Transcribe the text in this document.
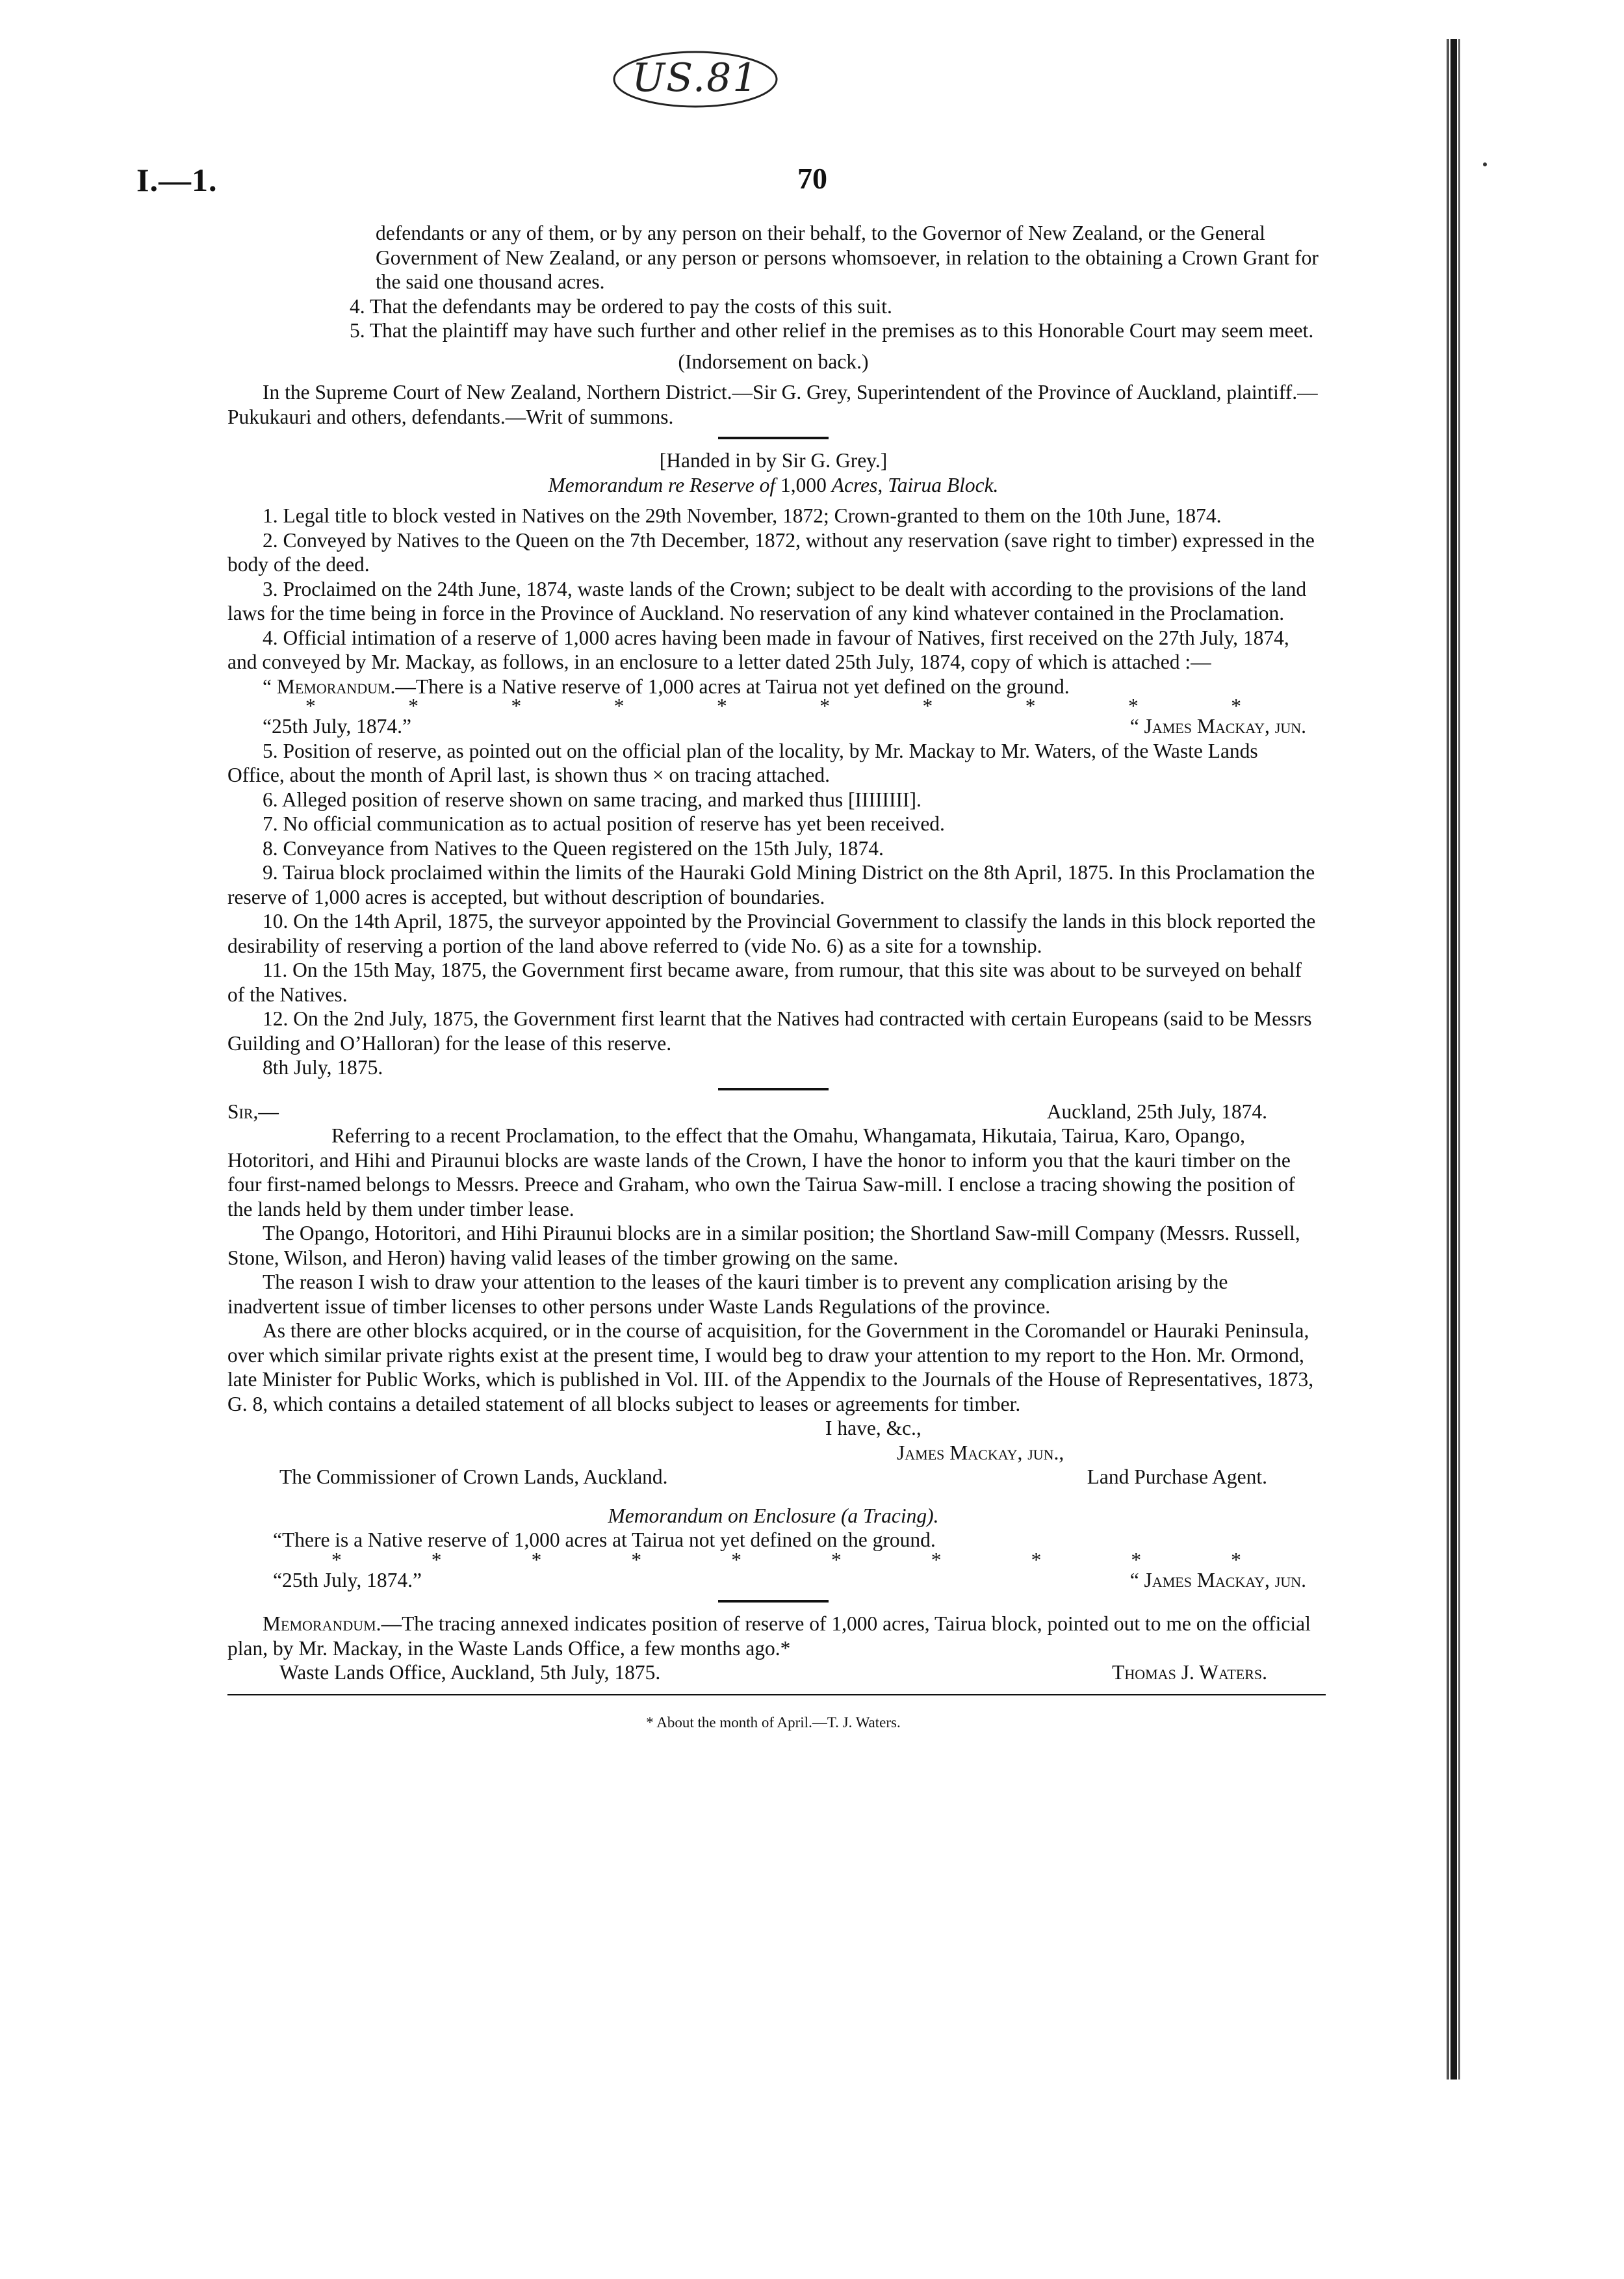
US.81
I.—1.	70

defendants or any of them, or by any person on their behalf, to the Governor of New Zealand, or the General Government of New Zealand, or any person or persons whomsoever, in relation to the obtaining a Crown Grant for the said one thousand acres.

4. That the defendants may be ordered to pay the costs of this suit.

5. That the plaintiff may have such further and other relief in the premises as to this Honorable Court may seem meet.

(Indorsement on back.)

In the Supreme Court of New Zealand, Northern District.—Sir G. Grey, Superintendent of the Province of Auckland, plaintiff.—Pukukauri and others, defendants.—Writ of summons.

[Handed in by Sir G. Grey.]

Memorandum re Reserve of 1,000 Acres, Tairua Block.

1. Legal title to block vested in Natives on the 29th November, 1872; Crown-granted to them on the 10th June, 1874.

2. Conveyed by Natives to the Queen on the 7th December, 1872, without any reservation (save right to timber) expressed in the body of the deed.

3. Proclaimed on the 24th June, 1874, waste lands of the Crown; subject to be dealt with according to the provisions of the land laws for the time being in force in the Province of Auckland. No reservation of any kind whatever contained in the Proclamation.

4. Official intimation of a reserve of 1,000 acres having been made in favour of Natives, first received on the 27th July, 1874, and conveyed by Mr. Mackay, as follows, in an enclosure to a letter dated 25th July, 1874, copy of which is attached :—

“ Memorandum.—There is a Native reserve of 1,000 acres at Tairua not yet defined on the ground.

*	*	*	*	*	*	*	*	*	*
“25th July, 1874.”	“ James Mackay, jun.

5. Position of reserve, as pointed out on the official plan of the locality, by Mr. Mackay to Mr. Waters, of the Waste Lands Office, about the month of April last, is shown thus × on tracing attached.

6. Alleged position of reserve shown on same tracing, and marked thus [IIIIIIII].

7. No official communication as to actual position of reserve has yet been received.

8. Conveyance from Natives to the Queen registered on the 15th July, 1874.

9. Tairua block proclaimed within the limits of the Hauraki Gold Mining District on the 8th April, 1875. In this Proclamation the reserve of 1,000 acres is accepted, but without description of boundaries.

10. On the 14th April, 1875, the surveyor appointed by the Provincial Government to classify the lands in this block reported the desirability of reserving a portion of the land above referred to (vide No. 6) as a site for a township.

11. On the 15th May, 1875, the Government first became aware, from rumour, that this site was about to be surveyed on behalf of the Natives.

12. On the 2nd July, 1875, the Government first learnt that the Natives had contracted with certain Europeans (said to be Messrs Guilding and O’Halloran) for the lease of this reserve.

8th July, 1875.

Sir,—	Auckland, 25th July, 1874.

Referring to a recent Proclamation, to the effect that the Omahu, Whangamata, Hikutaia, Tairua, Karo, Opango, Hotoritori, and Hihi and Piraunui blocks are waste lands of the Crown, I have the honor to inform you that the kauri timber on the four first-named belongs to Messrs. Preece and Graham, who own the Tairua Saw-mill. I enclose a tracing showing the position of the lands held by them under timber lease.

The Opango, Hotoritori, and Hihi Piraunui blocks are in a similar position; the Shortland Saw-mill Company (Messrs. Russell, Stone, Wilson, and Heron) having valid leases of the timber growing on the same.

The reason I wish to draw your attention to the leases of the kauri timber is to prevent any complication arising by the inadvertent issue of timber licenses to other persons under Waste Lands Regulations of the province.

As there are other blocks acquired, or in the course of acquisition, for the Government in the Coromandel or Hauraki Peninsula, over which similar private rights exist at the present time, I would beg to draw your attention to my report to the Hon. Mr. Ormond, late Minister for Public Works, which is published in Vol. III. of the Appendix to the Journals of the House of Representatives, 1873, G. 8, which contains a detailed statement of all blocks subject to leases or agreements for timber.

I have, &c.,

James Mackay, jun.,

The Commissioner of Crown Lands, Auckland.	Land Purchase Agent.

Memorandum on Enclosure (a Tracing).

“There is a Native reserve of 1,000 acres at Tairua not yet defined on the ground.

*	*	*	*	*	*	*	*	*	*
“25th July, 1874.”	“ James Mackay, jun.

Memorandum.—The tracing annexed indicates position of reserve of 1,000 acres, Tairua block, pointed out to me on the official plan, by Mr. Mackay, in the Waste Lands Office, a few months ago.*

Waste Lands Office, Auckland, 5th July, 1875.	Thomas J. Waters.

* About the month of April.—T. J. Waters.
